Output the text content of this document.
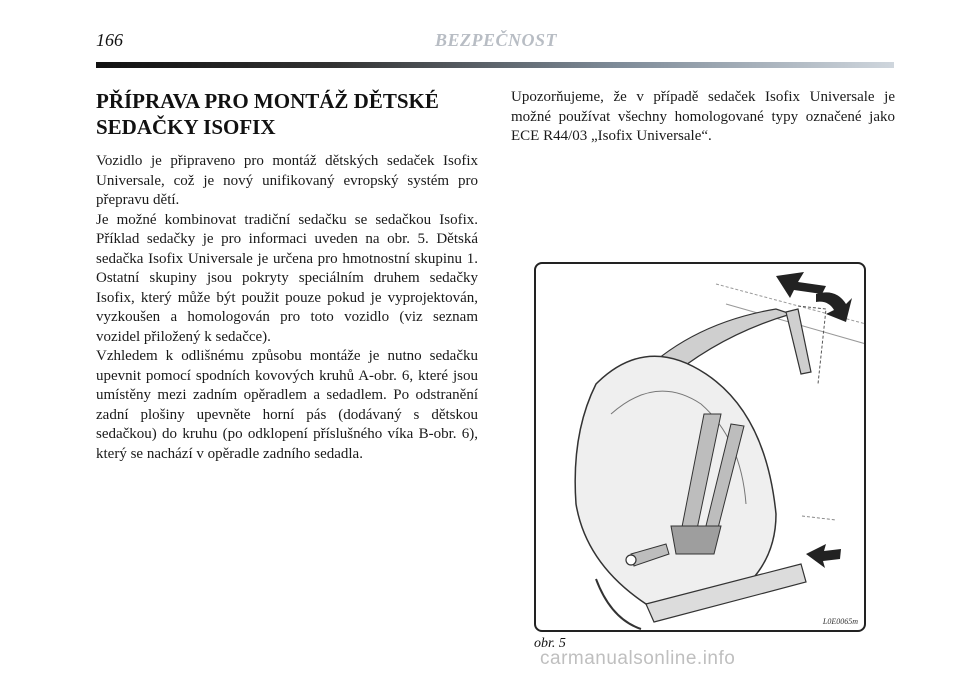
166	BEZPEČNOST
PŘÍPRAVA PRO MONTÁŽ DĚTSKÉ
SEDAČKY ISOFIX

Vozidlo je připraveno pro montáž dětských sedaček Isofix Universale, což je nový unifikovaný evropský systém pro přepravu dětí.

Je možné kombinovat tradiční sedačku se sedačkou Isofix. Příklad sedačky je pro informaci uveden na obr. 5. Dětská sedačka Isofix Universale je určena pro hmotnostní skupinu 1. Ostatní skupiny jsou pokryty speciálním druhem sedačky Isofix, který může být použit pouze pokud je vyprojektován, vyzkoušen a homologován pro toto vozidlo (viz seznam vozidel přiložený k sedačce).

Vzhledem k odlišnému způsobu montáže je nutno sedačku upevnit pomocí spodních kovových kruhů A-obr. 6, které jsou umístěny mezi zadním opěradlem a sedadlem. Po odstranění zadní plošiny upevněte horní pás (dodávaný s dětskou sedačkou) do kruhu (po odklopení příslušného víka B-obr. 6), který se nachází v opěradle zadního sedadla.

Upozorňujeme, že v případě sedaček Isofix Universale je možné používat všechny homologované typy označené jako ECE R44/03 „Isofix Universale“.

L0E0065m
obr. 5
carmanualsonline.info
